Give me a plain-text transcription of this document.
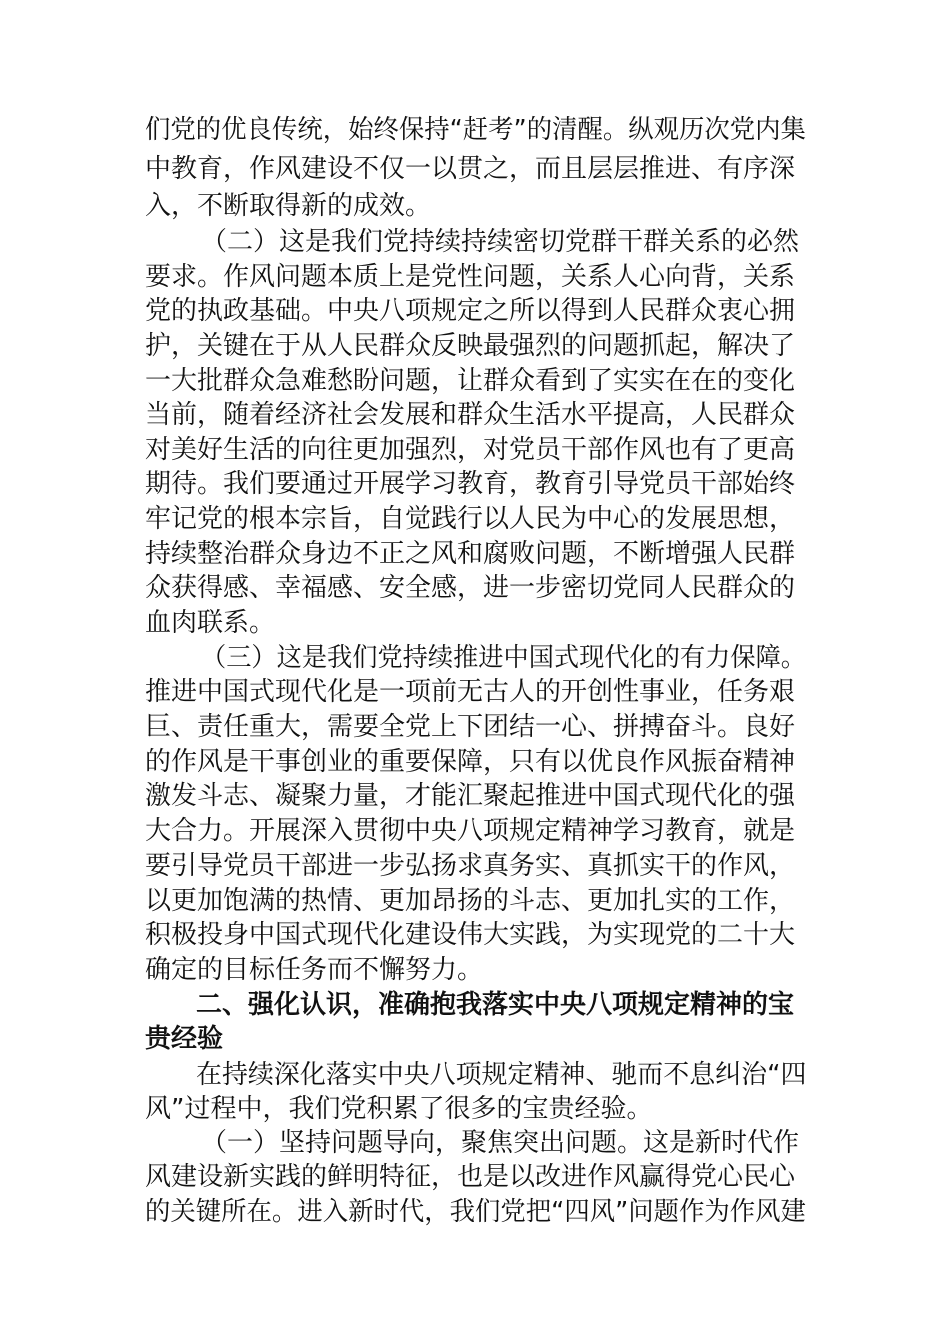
们党的优良传统，始终保持“赶考”的清醒。纵观历次党内集
中教育，作风建设不仅一以贯之，而且层层推进、有序深
入，不断取得新的成效。
（二）这是我们党持续持续密切党群干群关系的必然
要求。作风问题本质上是党性问题，关系人心向背，关系
党的执政基础。中央八项规定之所以得到人民群众衷心拥
护，关键在于从人民群众反映最强烈的问题抓起，解决了
一大批群众急难愁盼问题，让群众看到了实实在在的变化
当前，随着经济社会发展和群众生活水平提高，人民群众
对美好生活的向往更加强烈，对党员干部作风也有了更高
期待。我们要通过开展学习教育，教育引导党员干部始终
牢记党的根本宗旨，自觉践行以人民为中心的发展思想，
持续整治群众身边不正之风和腐败问题，不断增强人民群
众获得感、幸福感、安全感，进一步密切党同人民群众的
血肉联系。
（三）这是我们党持续推进中国式现代化的有力保障。
推进中国式现代化是一项前无古人的开创性事业，任务艰
巨、责任重大，需要全党上下团结一心、拼搏奋斗。良好
的作风是干事创业的重要保障，只有以优良作风振奋精神
激发斗志、凝聚力量，才能汇聚起推进中国式现代化的强
大合力。开展深入贯彻中央八项规定精神学习教育，就是
要引导党员干部进一步弘扬求真务实、真抓实干的作风，
以更加饱满的热情、更加昂扬的斗志、更加扎实的工作，
积极投身中国式现代化建设伟大实践，为实现党的二十大
确定的目标任务而不懈努力。
二、强化认识，准确抱我落实中央八项规定精神的宝
贵经验
在持续深化落实中央八项规定精神、驰而不息纠治“四
风”过程中，我们党积累了很多的宝贵经验。
（一）坚持问题导向，聚焦突出问题。这是新时代作
风建设新实践的鲜明特征，也是以改进作风赢得党心民心
的关键所在。进入新时代，我们党把“四风”问题作为作风建
